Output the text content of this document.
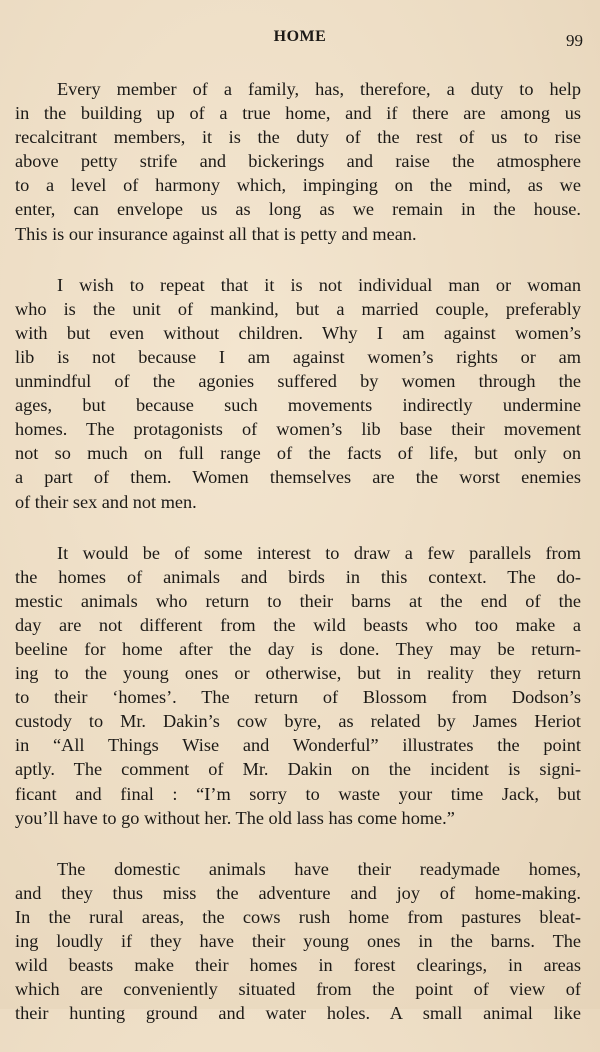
HOME	99
Every member of a family, has, therefore, a duty to help
in the building up of a true home, and if there are among us
recalcitrant members, it is the duty of the rest of us to rise
above petty strife and bickerings and raise the atmosphere
to a level of harmony which, impinging on the mind, as we
enter, can envelope us as long as we remain in the house.
This is our insurance against all that is petty and mean.
I wish to repeat that it is not individual man or woman
who is the unit of mankind, but a married couple, preferably
with but even without children. Why I am against women’s
lib is not because I am against women’s rights or am
unmindful of the agonies suffered by women through the
ages, but because such movements indirectly undermine
homes. The protagonists of women’s lib base their movement
not so much on full range of the facts of life, but only on
a part of them. Women themselves are the worst enemies
of their sex and not men.
It would be of some interest to draw a few parallels from
the homes of animals and birds in this context. The do-
mestic animals who return to their barns at the end of the
day are not different from the wild beasts who too make a
beeline for home after the day is done. They may be return-
ing to the young ones or otherwise, but in reality they return
to their ‘homes’. The return of Blossom from Dodson’s
custody to Mr. Dakin’s cow byre, as related by James Heriot
in “All Things Wise and Wonderful” illustrates the point
aptly. The comment of Mr. Dakin on the incident is signi-
ficant and final : “I’m sorry to waste your time Jack, but
you’ll have to go without her. The old lass has come home.”
The domestic animals have their readymade homes,
and they thus miss the adventure and joy of home-making.
In the rural areas, the cows rush home from pastures bleat-
ing loudly if they have their young ones in the barns. The
wild beasts make their homes in forest clearings, in areas
which are conveniently situated from the point of view of
their hunting ground and water holes. A small animal like
